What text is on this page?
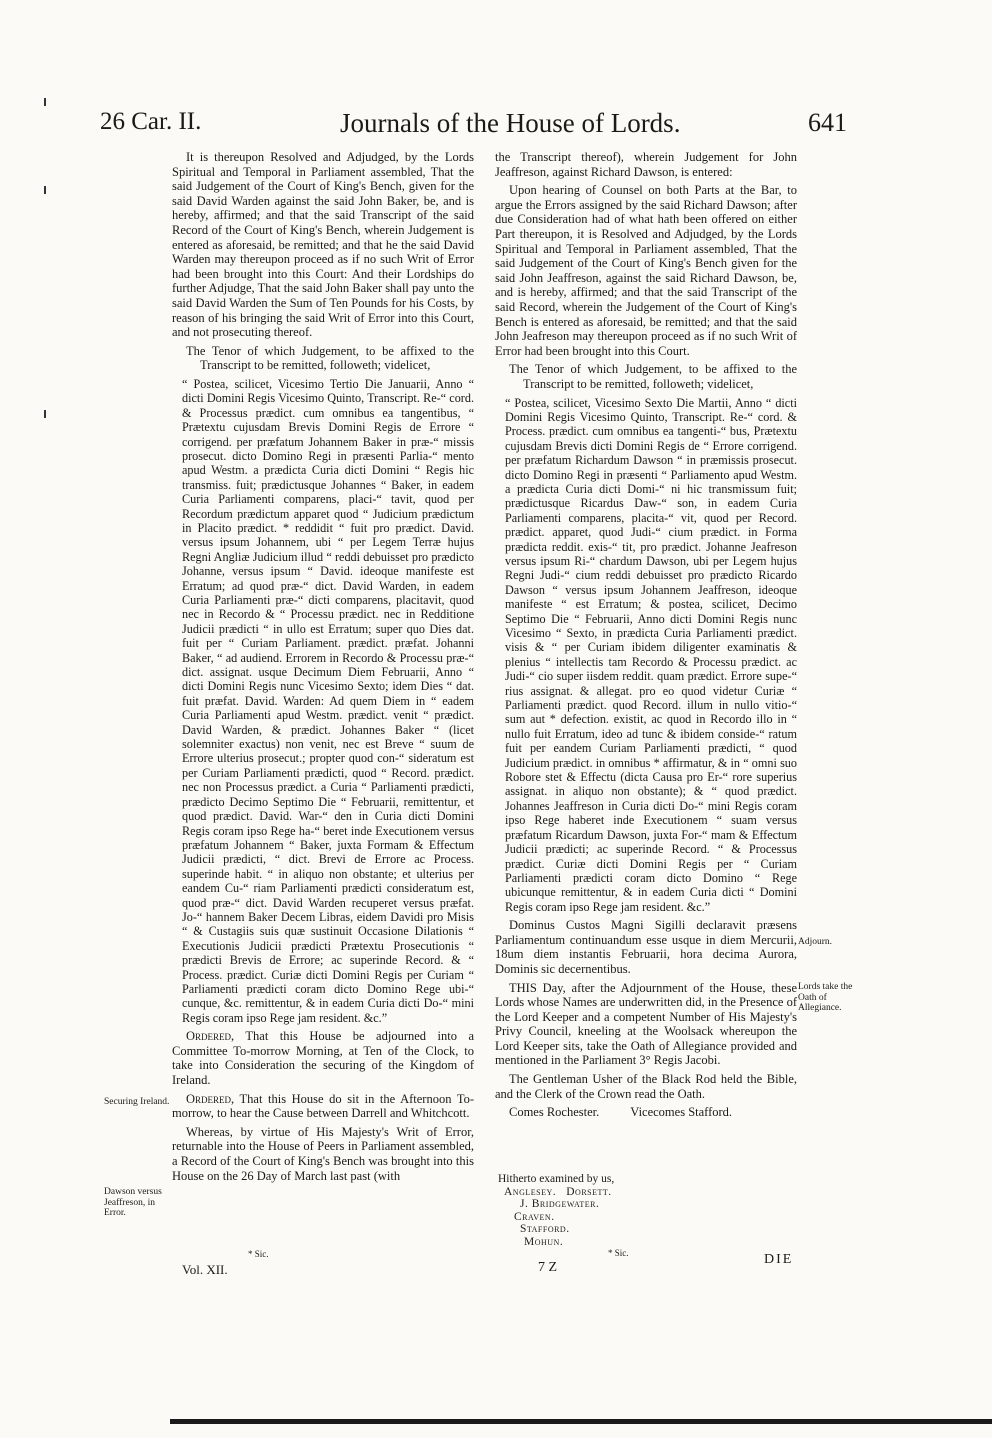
26 Car. II.	Journals of the House of Lords.	641

It is thereupon Resolved and Adjudged, by the Lords Spiritual and Temporal in Parliament assembled, That the said Judgement of the Court of King's Bench, given for the said David Warden against the said John Baker, be, and is hereby, affirmed; and that the said Transcript of the said Record of the Court of King's Bench, wherein Judgement is entered as aforesaid, be remitted; and that he the said David Warden may thereupon proceed as if no such Writ of Error had been brought into this Court: And their Lordships do further Adjudge, That the said John Baker shall pay unto the said David Warden the Sum of Ten Pounds for his Costs, by reason of his bringing the said Writ of Error into this Court, and not prosecuting thereof.

The Tenor of which Judgement, to be affixed to the Transcript to be remitted, followeth; videlicet,

“ Postea, scilicet, Vicesimo Tertio Die Januarii, Anno “ dicti Domini Regis Vicesimo Quinto, Transcript. Re-“ cord. & Processus prædict. cum omnibus ea tangentibus, “ Prætextu cujusdam Brevis Domini Regis de Errore “ corrigend. per præfatum Johannem Baker in præ-“ missis prosecut. dicto Domino Regi in præsenti Parlia-“ mento apud Westm. a prædicta Curia dicti Domini “ Regis hic transmiss. fuit; prædictusque Johannes “ Baker, in eadem Curia Parliamenti comparens, placi-“ tavit, quod per Recordum prædictum apparet quod “ Judicium prædictum in Placito prædict. * reddidit “ fuit pro prædict. David. versus ipsum Johannem, ubi “ per Legem Terræ hujus Regni Angliæ Judicium illud “ reddi debuisset pro prædicto Johanne, versus ipsum “ David. ideoque manifeste est Erratum; ad quod præ-“ dict. David Warden, in eadem Curia Parliamenti præ-“ dicti comparens, placitavit, quod nec in Recordo & “ Processu prædict. nec in Redditione Judicii prædicti “ in ullo est Erratum; super quo Dies dat. fuit per “ Curiam Parliament. prædict. præfat. Johanni Baker, “ ad audiend. Errorem in Recordo & Processu præ-“ dict. assignat. usque Decimum Diem Februarii, Anno “ dicti Domini Regis nunc Vicesimo Sexto; idem Dies “ dat. fuit præfat. David. Warden: Ad quem Diem in “ eadem Curia Parliamenti apud Westm. prædict. venit “ prædict. David Warden, & prædict. Johannes Baker “ (licet solemniter exactus) non venit, nec est Breve “ suum de Errore ulterius prosecut.; propter quod con-“ sideratum est per Curiam Parliamenti prædicti, quod “ Record. prædict. nec non Processus prædict. a Curia “ Parliamenti prædicti, prædicto Decimo Septimo Die “ Februarii, remittentur, et quod prædict. David. War-“ den in Curia dicti Domini Regis coram ipso Rege ha-“ beret inde Executionem versus præfatum Johannem “ Baker, juxta Formam & Effectum Judicii prædicti, “ dict. Brevi de Errore ac Process. superinde habit. “ in aliquo non obstante; et ulterius per eandem Cu-“ riam Parliamenti prædicti consideratum est, quod præ-“ dict. David Warden recuperet versus præfat. Jo-“ hannem Baker Decem Libras, eidem Davidi pro Misis “ & Custagiis suis quæ sustinuit Occasione Dilationis “ Executionis Judicii prædicti Prætextu Prosecutionis “ prædicti Brevis de Errore; ac superinde Record. & “ Process. prædict. Curiæ dicti Domini Regis per Curiam “ Parliamenti prædicti coram dicto Domino Rege ubi-“ cunque, &c. remittentur, & in eadem Curia dicti Do-“ mini Regis coram ipso Rege jam resident. &c.”

Ordered, That this House be adjourned into a Committee To-morrow Morning, at Ten of the Clock, to take into Consideration the securing of the Kingdom of Ireland.

Ordered, That this House do sit in the Afternoon To-morrow, to hear the Cause between Darrell and Whitchcott.

Whereas, by virtue of His Majesty's Writ of Error, returnable into the House of Peers in Parliament assembled, a Record of the Court of King's Bench was brought into this House on the 26 Day of March last past (with

the Transcript thereof), wherein Judgement for John Jeaffreson, against Richard Dawson, is entered:

Upon hearing of Counsel on both Parts at the Bar, to argue the Errors assigned by the said Richard Dawson; after due Consideration had of what hath been offered on either Part thereupon, it is Resolved and Adjudged, by the Lords Spiritual and Temporal in Parliament assembled, That the said Judgement of the Court of King's Bench given for the said John Jeaffreson, against the said Richard Dawson, be, and is hereby, affirmed; and that the said Transcript of the said Record, wherein the Judgement of the Court of King's Bench is entered as aforesaid, be remitted; and that the said John Jeafreson may thereupon proceed as if no such Writ of Error had been brought into this Court.

The Tenor of which Judgement, to be affixed to the Transcript to be remitted, followeth; videlicet,

“ Postea, scilicet, Vicesimo Sexto Die Martii, Anno “ dicti Domini Regis Vicesimo Quinto, Transcript. Re-“ cord. & Process. prædict. cum omnibus ea tangenti-“ bus, Prætextu cujusdam Brevis dicti Domini Regis de “ Errore corrigend. per præfatum Richardum Dawson “ in præmissis prosecut. dicto Domino Regi in præsenti “ Parliamento apud Westm. a prædicta Curia dicti Domi-“ ni hic transmissum fuit; prædictusque Ricardus Daw-“ son, in eadem Curia Parliamenti comparens, placita-“ vit, quod per Record. prædict. apparet, quod Judi-“ cium prædict. in Forma prædicta reddit. exis-“ tit, pro prædict. Johanne Jeafreson versus ipsum Ri-“ chardum Dawson, ubi per Legem hujus Regni Judi-“ cium reddi debuisset pro prædicto Ricardo Dawson “ versus ipsum Johannem Jeaffreson, ideoque manifeste “ est Erratum; & postea, scilicet, Decimo Septimo Die “ Februarii, Anno dicti Domini Regis nunc Vicesimo “ Sexto, in prædicta Curia Parliamenti prædict. visis & “ per Curiam ibidem diligenter examinatis & plenius “ intellectis tam Recordo & Processu prædict. ac Judi-“ cio super iisdem reddit. quam prædict. Errore supe-“ rius assignat. & allegat. pro eo quod videtur Curiæ “ Parliamenti prædict. quod Record. illum in nullo vitio-“ sum aut * defection. existit, ac quod in Recordo illo in “ nullo fuit Erratum, ideo ad tunc & ibidem conside-“ ratum fuit per eandem Curiam Parliamenti prædicti, “ quod Judicium prædict. in omnibus * affirmatur, & in “ omni suo Robore stet & Effectu (dicta Causa pro Er-“ rore superius assignat. in aliquo non obstante); & “ quod prædict. Johannes Jeaffreson in Curia dicti Do-“ mini Regis coram ipso Rege haberet inde Executionem “ suam versus præfatum Ricardum Dawson, juxta For-“ mam & Effectum Judicii prædicti; ac superinde Record. “ & Processus prædict. Curiæ dicti Domini Regis per “ Curiam Parliamenti prædicti coram dicto Domino “ Rege ubicunque remittentur, & in eadem Curia dicti “ Domini Regis coram ipso Rege jam resident. &c.”

Dominus Custos Magni Sigilli declaravit præsens Parliamentum continuandum esse usque in diem Mercurii, 18um diem instantis Februarii, hora decima Aurora, Dominis sic decernentibus.

THIS Day, after the Adjournment of the House, these Lords whose Names are underwritten did, in the Presence of the Lord Keeper and a competent Number of His Majesty's Privy Council, kneeling at the Woolsack whereupon the Lord Keeper sits, take the Oath of Allegiance provided and mentioned in the Parliament 3° Regis Jacobi.

The Gentleman Usher of the Black Rod held the Bible, and the Clerk of the Crown read the Oath.

Comes Rochester.          Vicecomes Stafford.

Hitherto examined by us,
Anglesey.   Dorsett.
J. Bridgewater.
Craven.
Stafford.
Mohun.
Securing Ireland.
Dawson versus Jeaffreson, in Error.
Adjourn.
Lords take the Oath of Allegiance.
* Sic.
Vol. XII.
* Sic.
7 Z
DIE
